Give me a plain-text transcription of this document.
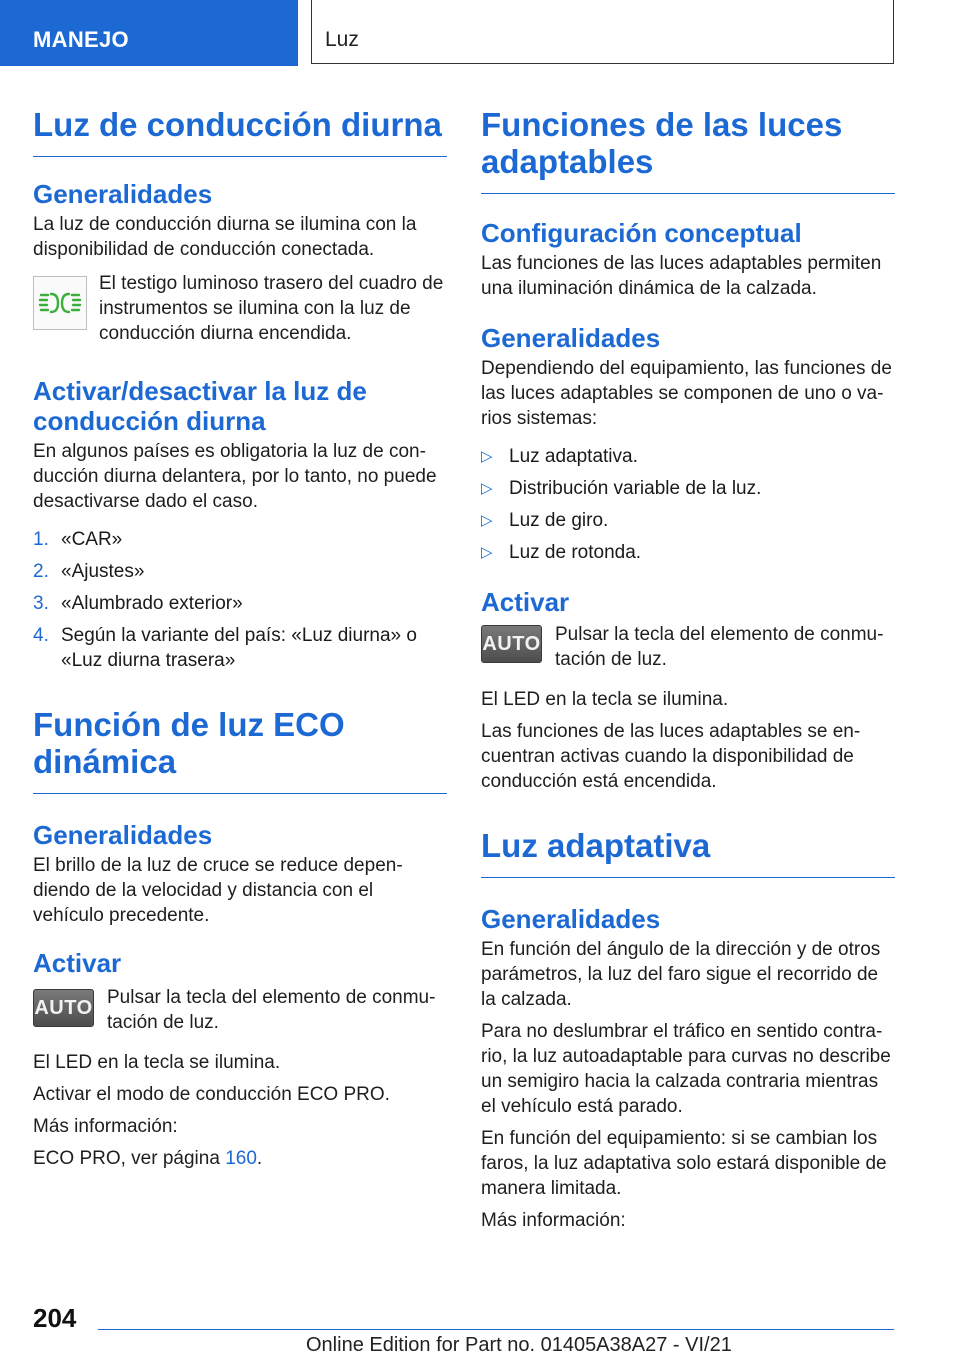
MANEJO	Luz
Luz de conducción diurna
Generalidades

La luz de conducción diurna se ilumina con la disponibilidad de conducción conectada.

El testigo luminoso trasero del cuadro de instrumentos se ilumina con la luz de conducción diurna encendida.

Activar/desactivar la luz de conducción diurna

En algunos países es obligatoria la luz de conducción diurna delantera, por lo tanto, no puede desactivarse dado el caso.

1. «CAR»
2. «Ajustes»
3. «Alumbrado exterior»
4. Según la variante del país: «Luz diurna» o «Luz diurna trasera»
Función de luz ECO dinámica
Generalidades

El brillo de la luz de cruce se reduce dependiendo de la velocidad y distancia con el vehículo precedente.

Activar
AUTO Pulsar la tecla del elemento de conmutación de luz.

El LED en la tecla se ilumina.

Activar el modo de conducción ECO PRO.

Más información:

ECO PRO, ver página 160.

Funciones de las luces adaptables
Configuración conceptual

Las funciones de las luces adaptables permiten una iluminación dinámica de la calzada.

Generalidades

Dependiendo del equipamiento, las funciones de las luces adaptables se componen de uno o varios sistemas:

▷ Luz adaptativa.
▷ Distribución variable de la luz.
▷ Luz de giro.
▷ Luz de rotonda.
Activar
AUTO Pulsar la tecla del elemento de conmutación de luz.

El LED en la tecla se ilumina.

Las funciones de las luces adaptables se encuentran activas cuando la disponibilidad de conducción está encendida.

Luz adaptativa
Generalidades

En función del ángulo de la dirección y de otros parámetros, la luz del faro sigue el recorrido de la calzada.

Para no deslumbrar el tráfico en sentido contrario, la luz autoadaptable para curvas no describe un semigiro hacia la calzada contraria mientras el vehículo está parado.

En función del equipamiento: si se cambian los faros, la luz adaptativa solo estará disponible de manera limitada.

Más información:

204
Online Edition for Part no. 01405A38A27 - VI/21
